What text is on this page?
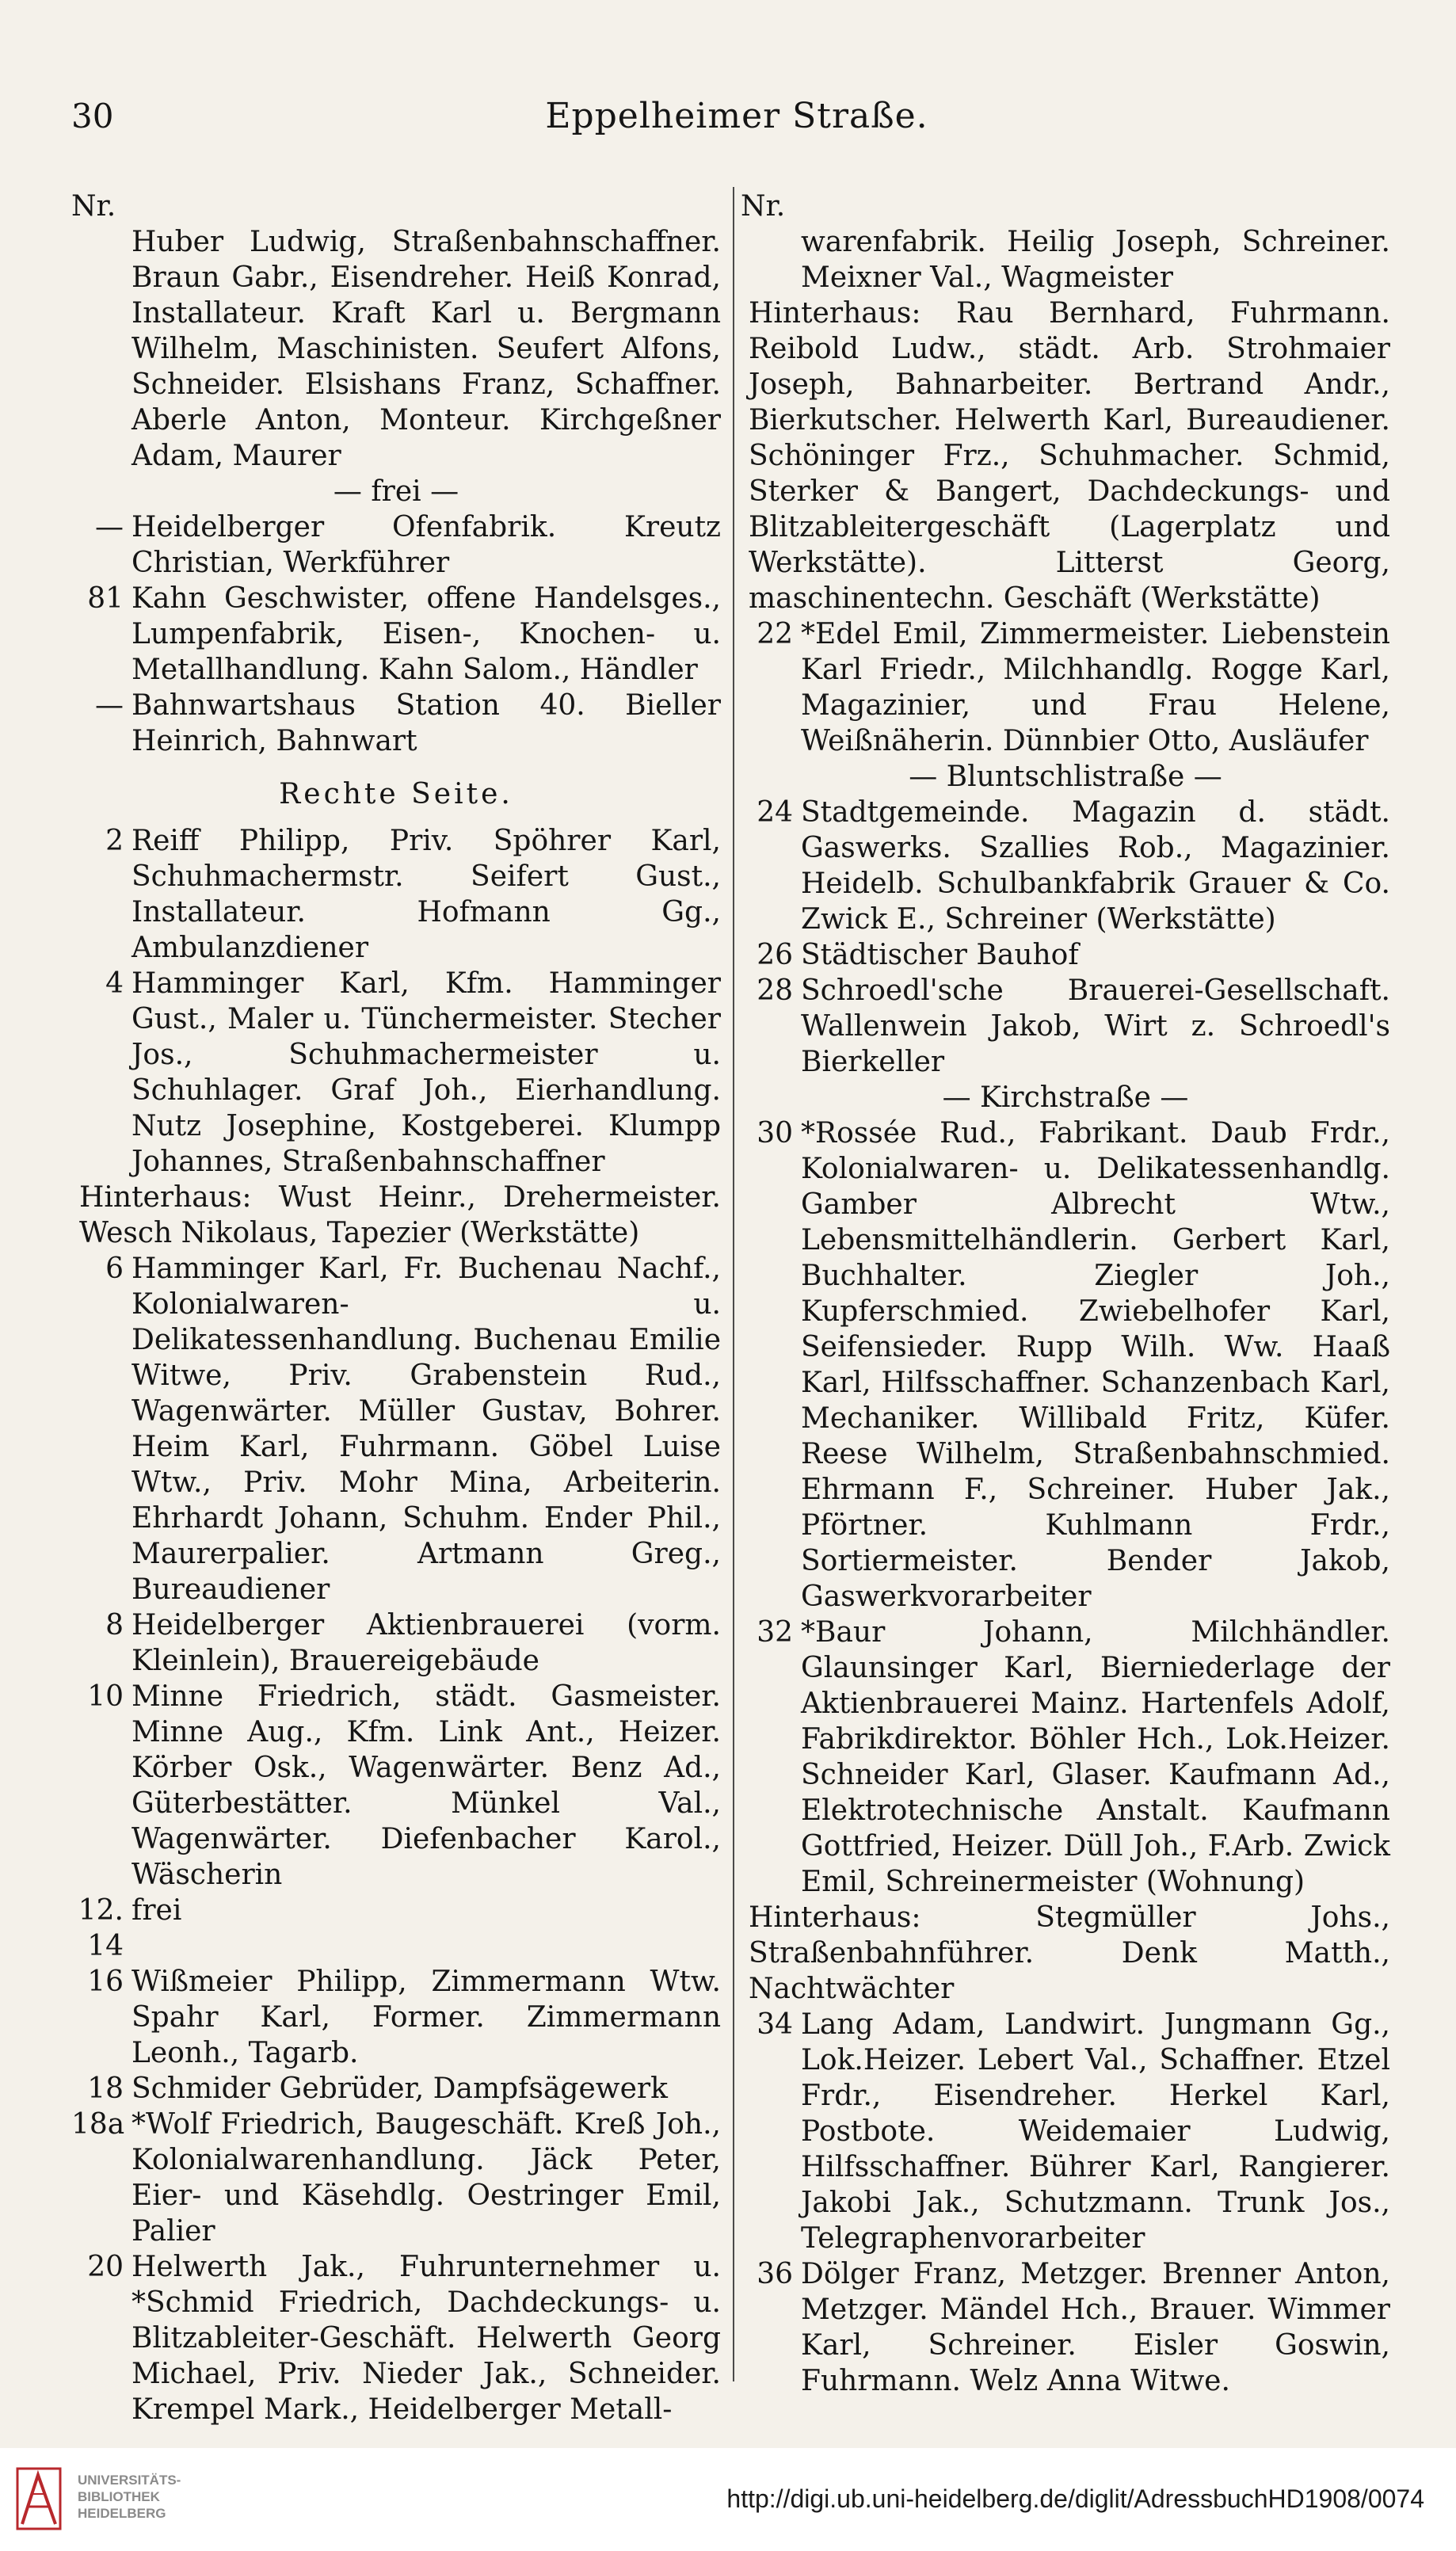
30	Eppelheimer Straße.
Nr.
Huber Ludwig, Straßenbahnschaffner. Braun Gabr., Eisendreher. Heiß Konrad, Installateur. Kraft Karl u. Bergmann Wilhelm, Maschinisten. Seufert Alfons, Schneider. Elsishans Franz, Schaffner. Aberle Anton, Monteur. Kirchgeßner Adam, Maurer
— frei —
— Heidelberger Ofenfabrik. Kreutz Christian, Werkführer
81 Kahn Geschwister, offene Handelsges., Lumpenfabrik, Eisen-, Knochen- u. Metallhandlung. Kahn Salom., Händler
— Bahnwartshaus Station 40. Bieller Heinrich, Bahnwart
Rechte Seite.
2 Reiff Philipp, Priv. Spöhrer Karl, Schuhmachermstr. Seifert Gust., Installateur. Hofmann Gg., Ambulanzdiener
4 Hamminger Karl, Kfm. Hamminger Gust., Maler u. Tünchermeister. Stecher Jos., Schuhmachermeister u. Schuhlager. Graf Joh., Eierhandlung. Nutz Josephine, Kostgeberei. Klumpp Johannes, Straßenbahnschaffner
Hinterhaus: Wust Heinr., Drehermeister. Wesch Nikolaus, Tapezier (Werkstätte)
6 Hamminger Karl, Fr. Buchenau Nachf., Kolonialwaren- u. Delikatessenhandlung. Buchenau Emilie Witwe, Priv. Grabenstein Rud., Wagenwärter. Müller Gustav, Bohrer. Heim Karl, Fuhrmann. Göbel Luise Wtw., Priv. Mohr Mina, Arbeiterin. Ehrhardt Johann, Schuhm. Ender Phil., Maurerpalier. Artmann Greg., Bureaudiener
8 Heidelberger Aktienbrauerei (vorm. Kleinlein), Brauereigebäude
10 Minne Friedrich, städt. Gasmeister. Minne Aug., Kfm. Link Ant., Heizer. Körber Osk., Wagenwärter. Benz Ad., Güterbestätter. Münkel Val., Wagenwärter. Diefenbacher Karol., Wäscherin
12. 14
frei
16 Wißmeier Philipp, Zimmermann Wtw. Spahr Karl, Former. Zimmermann Leonh., Tagarb.
18 Schmider Gebrüder, Dampfsägewerk
18a *Wolf Friedrich, Baugeschäft. Kreß Joh., Kolonialwarenhandlung. Jäck Peter, Eier- und Käsehdlg. Oestringer Emil, Palier
20 Helwerth Jak., Fuhrunternehmer u. *Schmid Friedrich, Dachdeckungs- u. Blitzableiter-Geschäft. Helwerth Georg Michael, Priv. Nieder Jak., Schneider. Krempel Mark., Heidelberger Metall-
Nr.
warenfabrik. Heilig Joseph, Schreiner. Meixner Val., Wagmeister
Hinterhaus: Rau Bernhard, Fuhrmann. Reibold Ludw., städt. Arb. Strohmaier Joseph, Bahnarbeiter. Bertrand Andr., Bierkutscher. Helwerth Karl, Bureaudiener. Schöninger Frz., Schuhmacher. Schmid, Sterker & Bangert, Dachdeckungs- und Blitzableitergeschäft (Lagerplatz und Werkstätte). Litterst Georg, maschinentechn. Geschäft (Werkstätte)
22 *Edel Emil, Zimmermeister. Liebenstein Karl Friedr., Milchhandlg. Rogge Karl, Magazinier, und Frau Helene, Weißnäherin. Dünnbier Otto, Ausläufer
— Bluntschlistraße —
24 Stadtgemeinde. Magazin d. städt. Gaswerks. Szallies Rob., Magazinier. Heidelb. Schulbankfabrik Grauer & Co. Zwick E., Schreiner (Werkstätte)
26 Städtischer Bauhof
28 Schroedl'sche Brauerei-Gesellschaft. Wallenwein Jakob, Wirt z. Schroedl's Bierkeller
— Kirchstraße —
30 *Rossée Rud., Fabrikant. Daub Frdr., Kolonialwaren- u. Delikatessenhandlg. Gamber Albrecht Wtw., Lebensmittelhändlerin. Gerbert Karl, Buchhalter. Ziegler Joh., Kupferschmied. Zwiebelhofer Karl, Seifensieder. Rupp Wilh. Ww. Haaß Karl, Hilfsschaffner. Schanzenbach Karl, Mechaniker. Willibald Fritz, Küfer. Reese Wilhelm, Straßenbahnschmied. Ehrmann F., Schreiner. Huber Jak., Pförtner. Kuhlmann Frdr., Sortiermeister. Bender Jakob, Gaswerkvorarbeiter
32 *Baur Johann, Milchhändler. Glaunsinger Karl, Bierniederlage der Aktienbrauerei Mainz. Hartenfels Adolf, Fabrikdirektor. Böhler Hch., Lok.Heizer. Schneider Karl, Glaser. Kaufmann Ad., Elektrotechnische Anstalt. Kaufmann Gottfried, Heizer. Düll Joh., F.Arb. Zwick Emil, Schreinermeister (Wohnung)
Hinterhaus: Stegmüller Johs., Straßenbahnführer. Denk Matth., Nachtwächter
34 Lang Adam, Landwirt. Jungmann Gg., Lok.Heizer. Lebert Val., Schaffner. Etzel Frdr., Eisendreher. Herkel Karl, Postbote. Weidemaier Ludwig, Hilfsschaffner. Bührer Karl, Rangierer. Jakobi Jak., Schutzmann. Trunk Jos., Telegraphenvorarbeiter
36 Dölger Franz, Metzger. Brenner Anton, Metzger. Mändel Hch., Brauer. Wimmer Karl, Schreiner. Eisler Goswin, Fuhrmann. Welz Anna Witwe.
UNIVERSITÄTS-
BIBLIOTHEK
HEIDELBERG
http://digi.ub.uni-heidelberg.de/diglit/AdressbuchHD1908/0074
